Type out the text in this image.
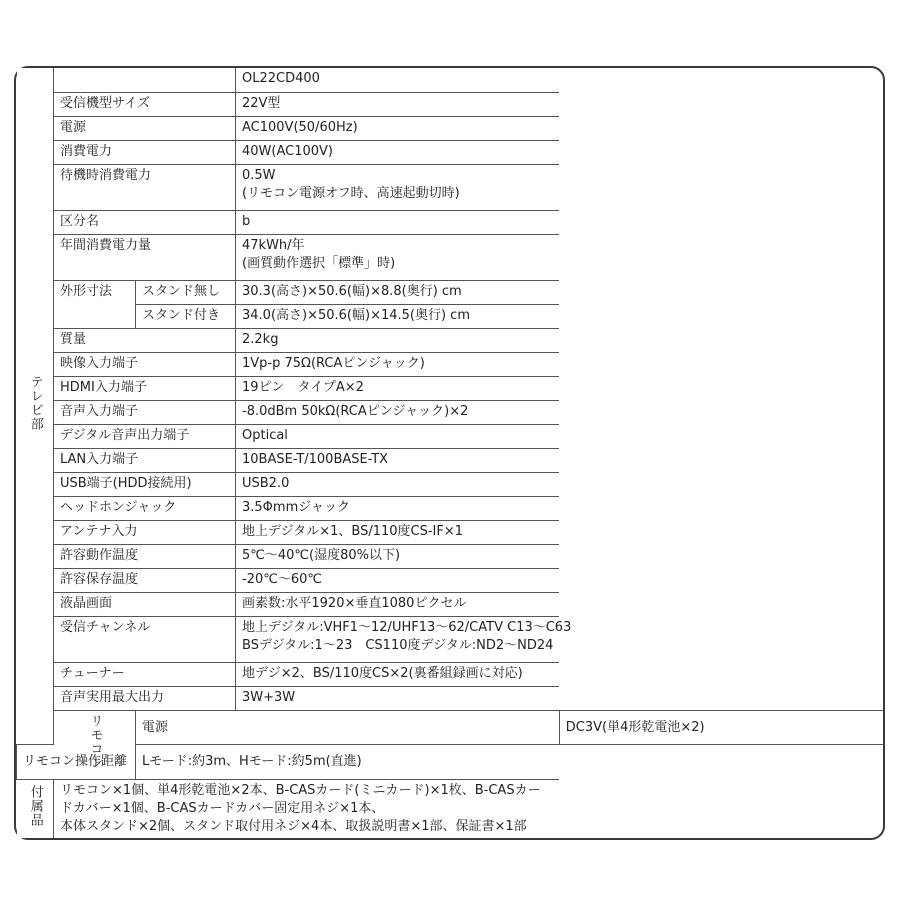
テレビ部			OL22CD400	

	受信機型サイズ		22V型	

	電源		AC100V(50/60Hz)	

	消費電力		40W(AC100V)	

	待機時消費電力		0.5W
(リモコン電源オフ時、高速起動切時)	

	区分名		b	

	年間消費電力量		47kWh/年
(画質動作選択「標準」時)	

	外形寸法	スタンド無し	30.3(高さ)×50.6(幅)×8.8(奥行) cm	
		スタンド付き	34.0(高さ)×50.6(幅)×14.5(奥行) cm	
	質量		2.2kg	

	映像入力端子		1Vp-p 75Ω(RCAピンジャック)	

	HDMI入力端子		19ピン　タイプA×2	

	音声入力端子		-8.0dBm 50kΩ(RCAピンジャック)×2	

	デジタル音声出力端子		Optical	

	LAN入力端子		10BASE-T/100BASE-TX	

	USB端子(HDD接続用)		USB2.0	

	ヘッドホンジャック		3.5Φmmジャック	

	アンテナ入力		地上デジタル×1、BS/110度CS-IF×1	

	許容動作温度		5℃～40℃(湿度80%以下)	

	許容保存温度		-20℃～60℃	

	液晶画面		画素数:水平1920×垂直1080ピクセル	

	受信チャンネル		地上デジタル:VHF1～12/UHF13～62/CATV C13～C63
BSデジタル:1～23　CS110度デジタル:ND2～ND24	

	チューナー		地デジ×2、BS/110度CS×2(裏番組録画に対応)	

	音声実用最大出力		3W+3W	

	リモコン	電源		DC3V(単4形乾電池×2)

リモコン操作距離		Lモード:約3m、Hモード:約5m(直進)		

付属品	リモコン×1個、単4形乾電池×2本、B-CASカード(ミニカード)×1枚、B-CASカードカバー×1個、B-CASカードカバー固定用ネジ×1本、
本体スタンド×2個、スタンド取付用ネジ×4本、取扱説明書×1部、保証書×1部			
